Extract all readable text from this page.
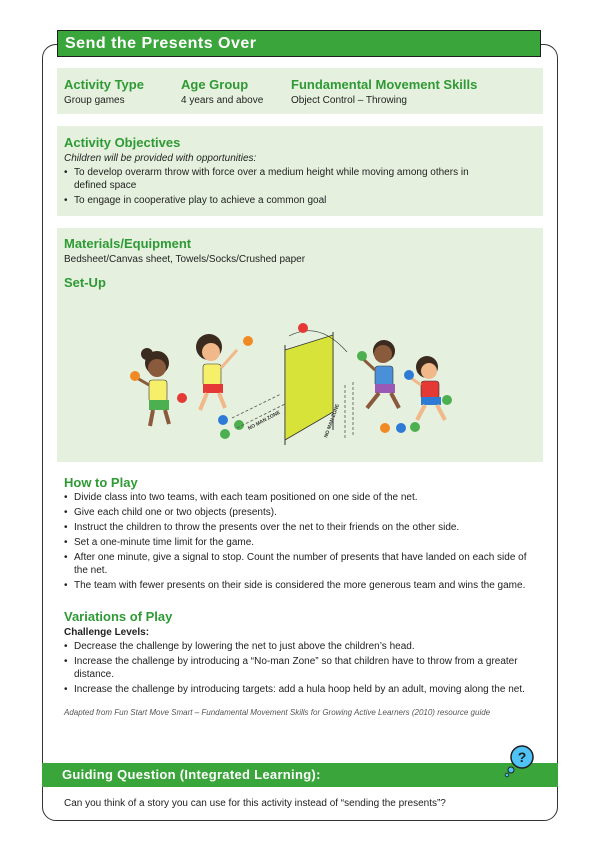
Send the Presents Over
Activity Type
Group games
Age Group
4 years and above
Fundamental Movement Skills
Object Control – Throwing
Activity Objectives
Children will be provided with opportunities:
• To develop overarm throw with force over a medium height while moving among others in defined space
• To engage in cooperative play to achieve a common goal
Materials/Equipment
Bedsheet/Canvas sheet, Towels/Socks/Crushed paper
Set-Up
NO MAN ZONE	NO MAN ZONE
How to Play
• Divide class into two teams, with each team positioned on one side of the net.
• Give each child one or two objects (presents).
• Instruct the children to throw the presents over the net to their friends on the other side.
• Set a one-minute time limit for the game.
• After one minute, give a signal to stop. Count the number of presents that have landed on each side of the net.
• The team with fewer presents on their side is considered the more generous team and wins the game.
Variations of Play
Challenge Levels:
• Decrease the challenge by lowering the net to just above the children’s head.
• Increase the challenge by introducing a “No-man Zone” so that children have to throw from a greater distance.
• Increase the challenge by introducing targets: add a hula hoop held by an adult, moving along the net.
Adapted from Fun Start Move Smart – Fundamental Movement Skills for Growing Active Learners (2010) resource guide
Guiding Question (Integrated Learning):
?
Can you think of a story you can use for this activity instead of “sending the presents”?
